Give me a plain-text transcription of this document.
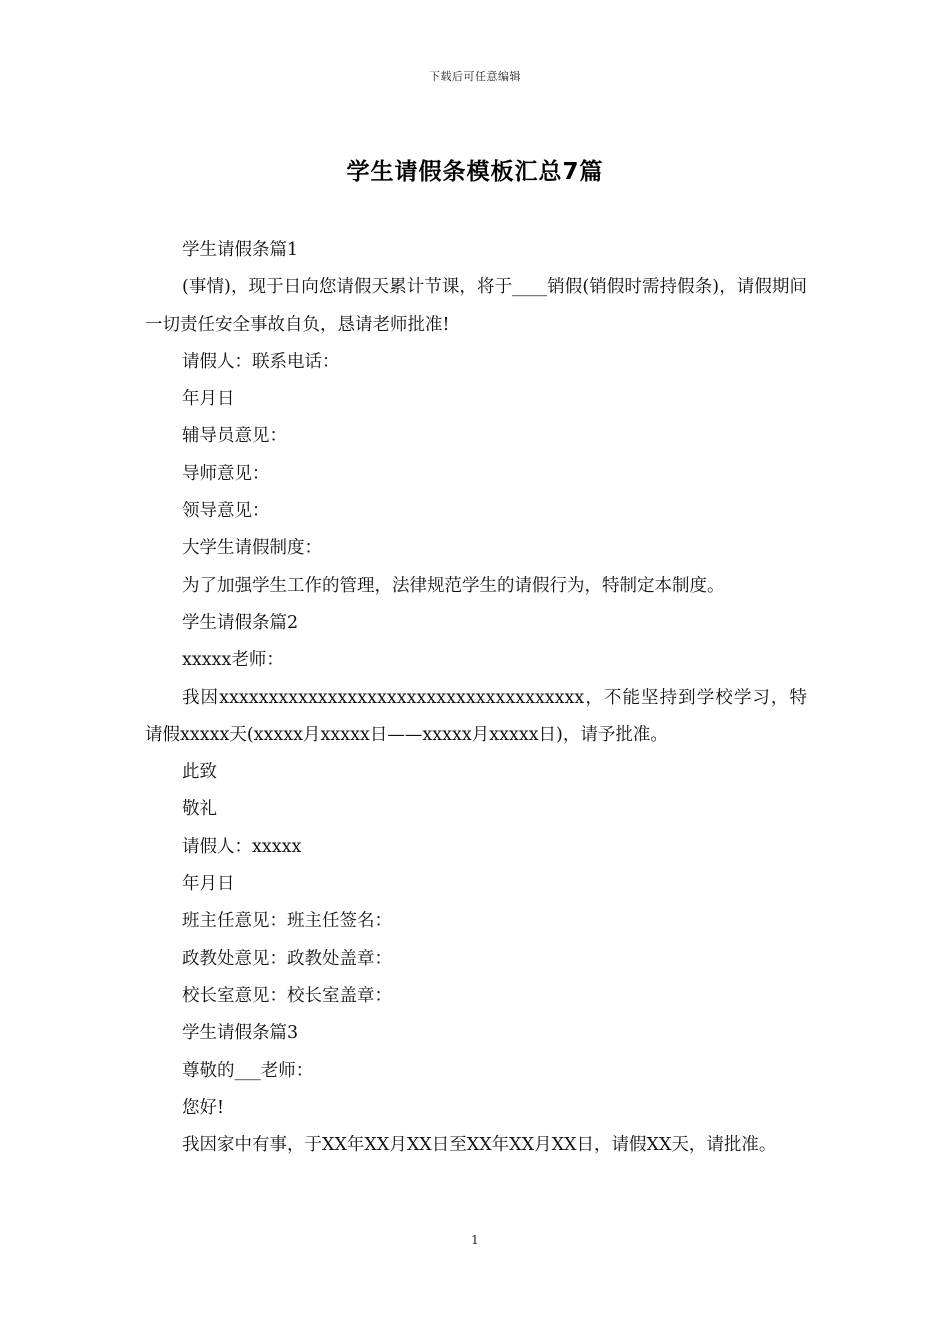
下载后可任意编辑
学生请假条模板汇总7篇

学生请假条篇1

(事情)，现于日向您请假天累计节课，将于____销假(销假时需持假条)，请假期间一切责任安全事故自负，恳请老师批准!

请假人：联系电话：

年月日

辅导员意见：

导师意见：

领导意见：

大学生请假制度：

为了加强学生工作的管理，法律规范学生的请假行为，特制定本制度。

学生请假条篇2

xxxxx老师：

我因xxxxxxxxxxxxxxxxxxxxxxxxxxxxxxxxxxxxx，不能坚持到学校学习，特请假xxxxx天(xxxxx月xxxxx日——xxxxx月xxxxx日)，请予批准。

此致

敬礼

请假人：xxxxx

年月日

班主任意见：班主任签名：

政教处意见：政教处盖章：

校长室意见：校长室盖章：

学生请假条篇3

尊敬的___老师：

您好!

我因家中有事，于XX年XX月XX日至XX年XX月XX日，请假XX天，请批准。

1
